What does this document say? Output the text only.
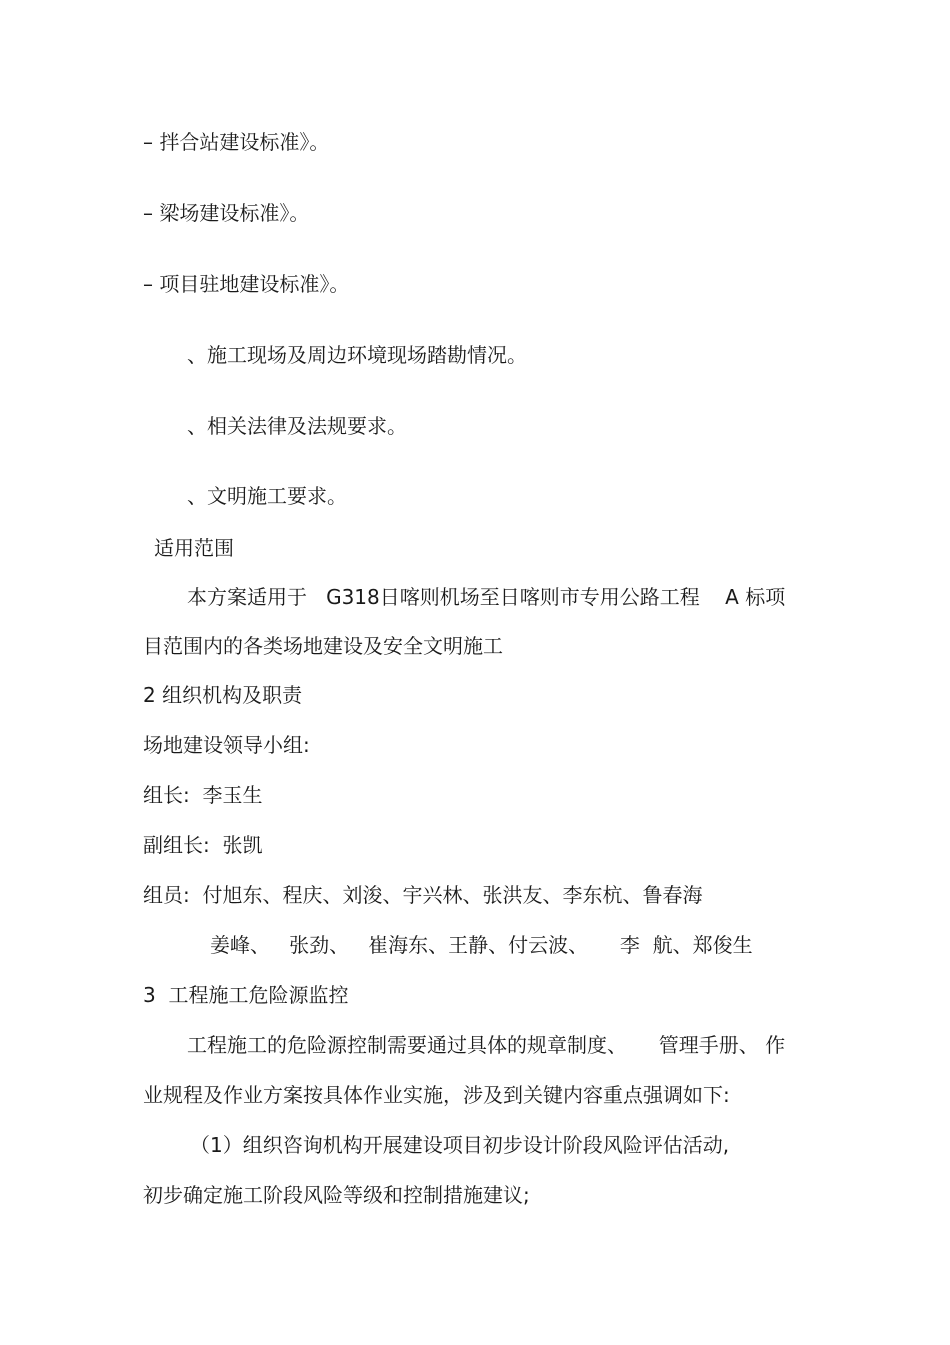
– 拌合站建设标准》。
– 梁场建设标准》。
– 项目驻地建设标准》。
、施工现场及周边环境现场踏勘情况。
、相关法律及法规要求。
、文明施工要求。
适用范围
本方案适用于   G318日喀则机场至日喀则市专用公路工程    A 标项
目范围内的各类场地建设及安全文明施工
2 组织机构及职责
场地建设领导小组:
组长:  李玉生
副组长:  张凯
组员:  付旭东、程庆、刘浚、宇兴林、张洪友、李东杭、鲁春海
姜峰、   张劲、   崔海东、王静、付云波、     李  航、郑俊生
3  工程施工危险源监控
工程施工的危险源控制需要通过具体的规章制度、     管理手册、 作
业规程及作业方案按具体作业实施，涉及到关键内容重点强调如下:
（1）组织咨询机构开展建设项目初步设计阶段风险评估活动,
初步确定施工阶段风险等级和控制措施建议;
